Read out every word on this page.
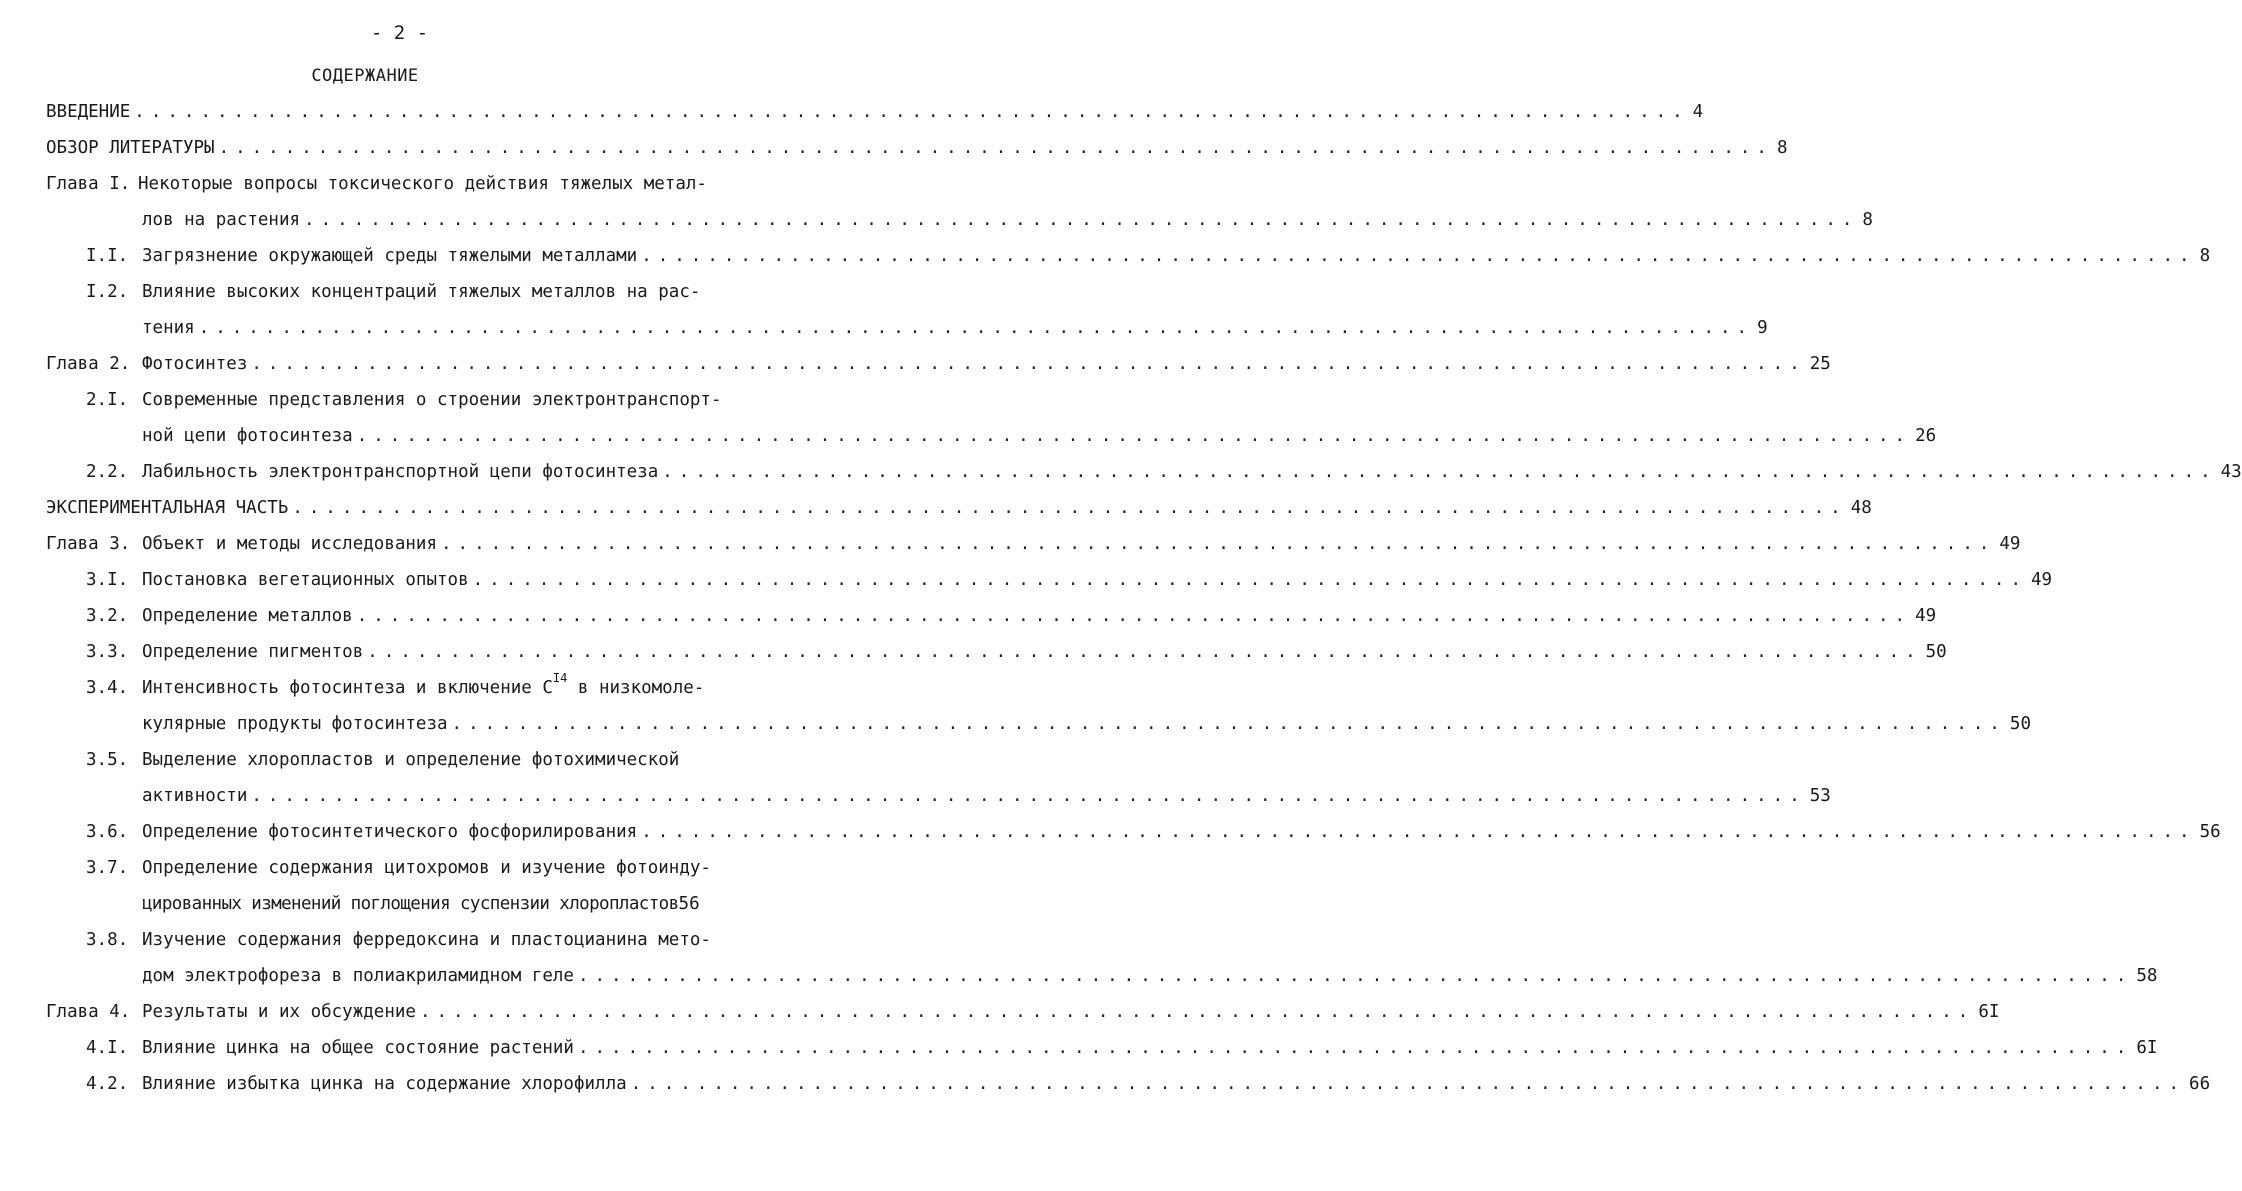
- 2 -
СОДЕРЖАНИЕ
ВВЕДЕНИЕ .............................................................................................. 4
ОБЗОР ЛИТЕРАТУРЫ .............................................................................................. 8
Глава I. Некоторые вопросы токсического действия тяжелых метал-
лов на растения .............................................................................................. 8
I.I. Загрязнение окружающей среды тяжелыми металлами .............................................................................................. 8
I.2. Влияние высоких концентраций тяжелых металлов на рас-
тения .............................................................................................. 9
Глава 2. Фотосинтез .............................................................................................. 25
2.I. Современные представления о строении электронтранспорт-
ной цепи фотосинтеза .............................................................................................. 26
2.2. Лабильность электронтранспортной цепи фотосинтеза .............................................................................................. 43
ЭКСПЕРИМЕНТАЛЬНАЯ ЧАСТЬ .............................................................................................. 48
Глава 3. Объект и методы исследования .............................................................................................. 49
3.I. Постановка вегетационных опытов .............................................................................................. 49
3.2. Определение металлов .............................................................................................. 49
3.3. Определение пигментов .............................................................................................. 50
3.4. Интенсивность фотосинтеза и включение $C^{I4}$ в низкомоле-
кулярные продукты фотосинтеза .............................................................................................. 50
3.5. Выделение хлоропластов и определение фотохимической
активности .............................................................................................. 53
3.6. Определение фотосинтетического фосфорилирования .............................................................................................. 56
3.7. Определение содержания цитохромов и изучение фотоинду-
цированных изменений поглощения суспензии хлоропластов 56
3.8. Изучение содержания ферредоксина и пластоцианина мето-
дом электрофореза в полиакриламидном геле .............................................................................................. 58
Глава 4. Результаты и их обсуждение .............................................................................................. 6I
4.I. Влияние цинка на общее состояние растений .............................................................................................. 6I
4.2. Влияние избытка цинка на содержание хлорофилла .............................................................................................. 66
